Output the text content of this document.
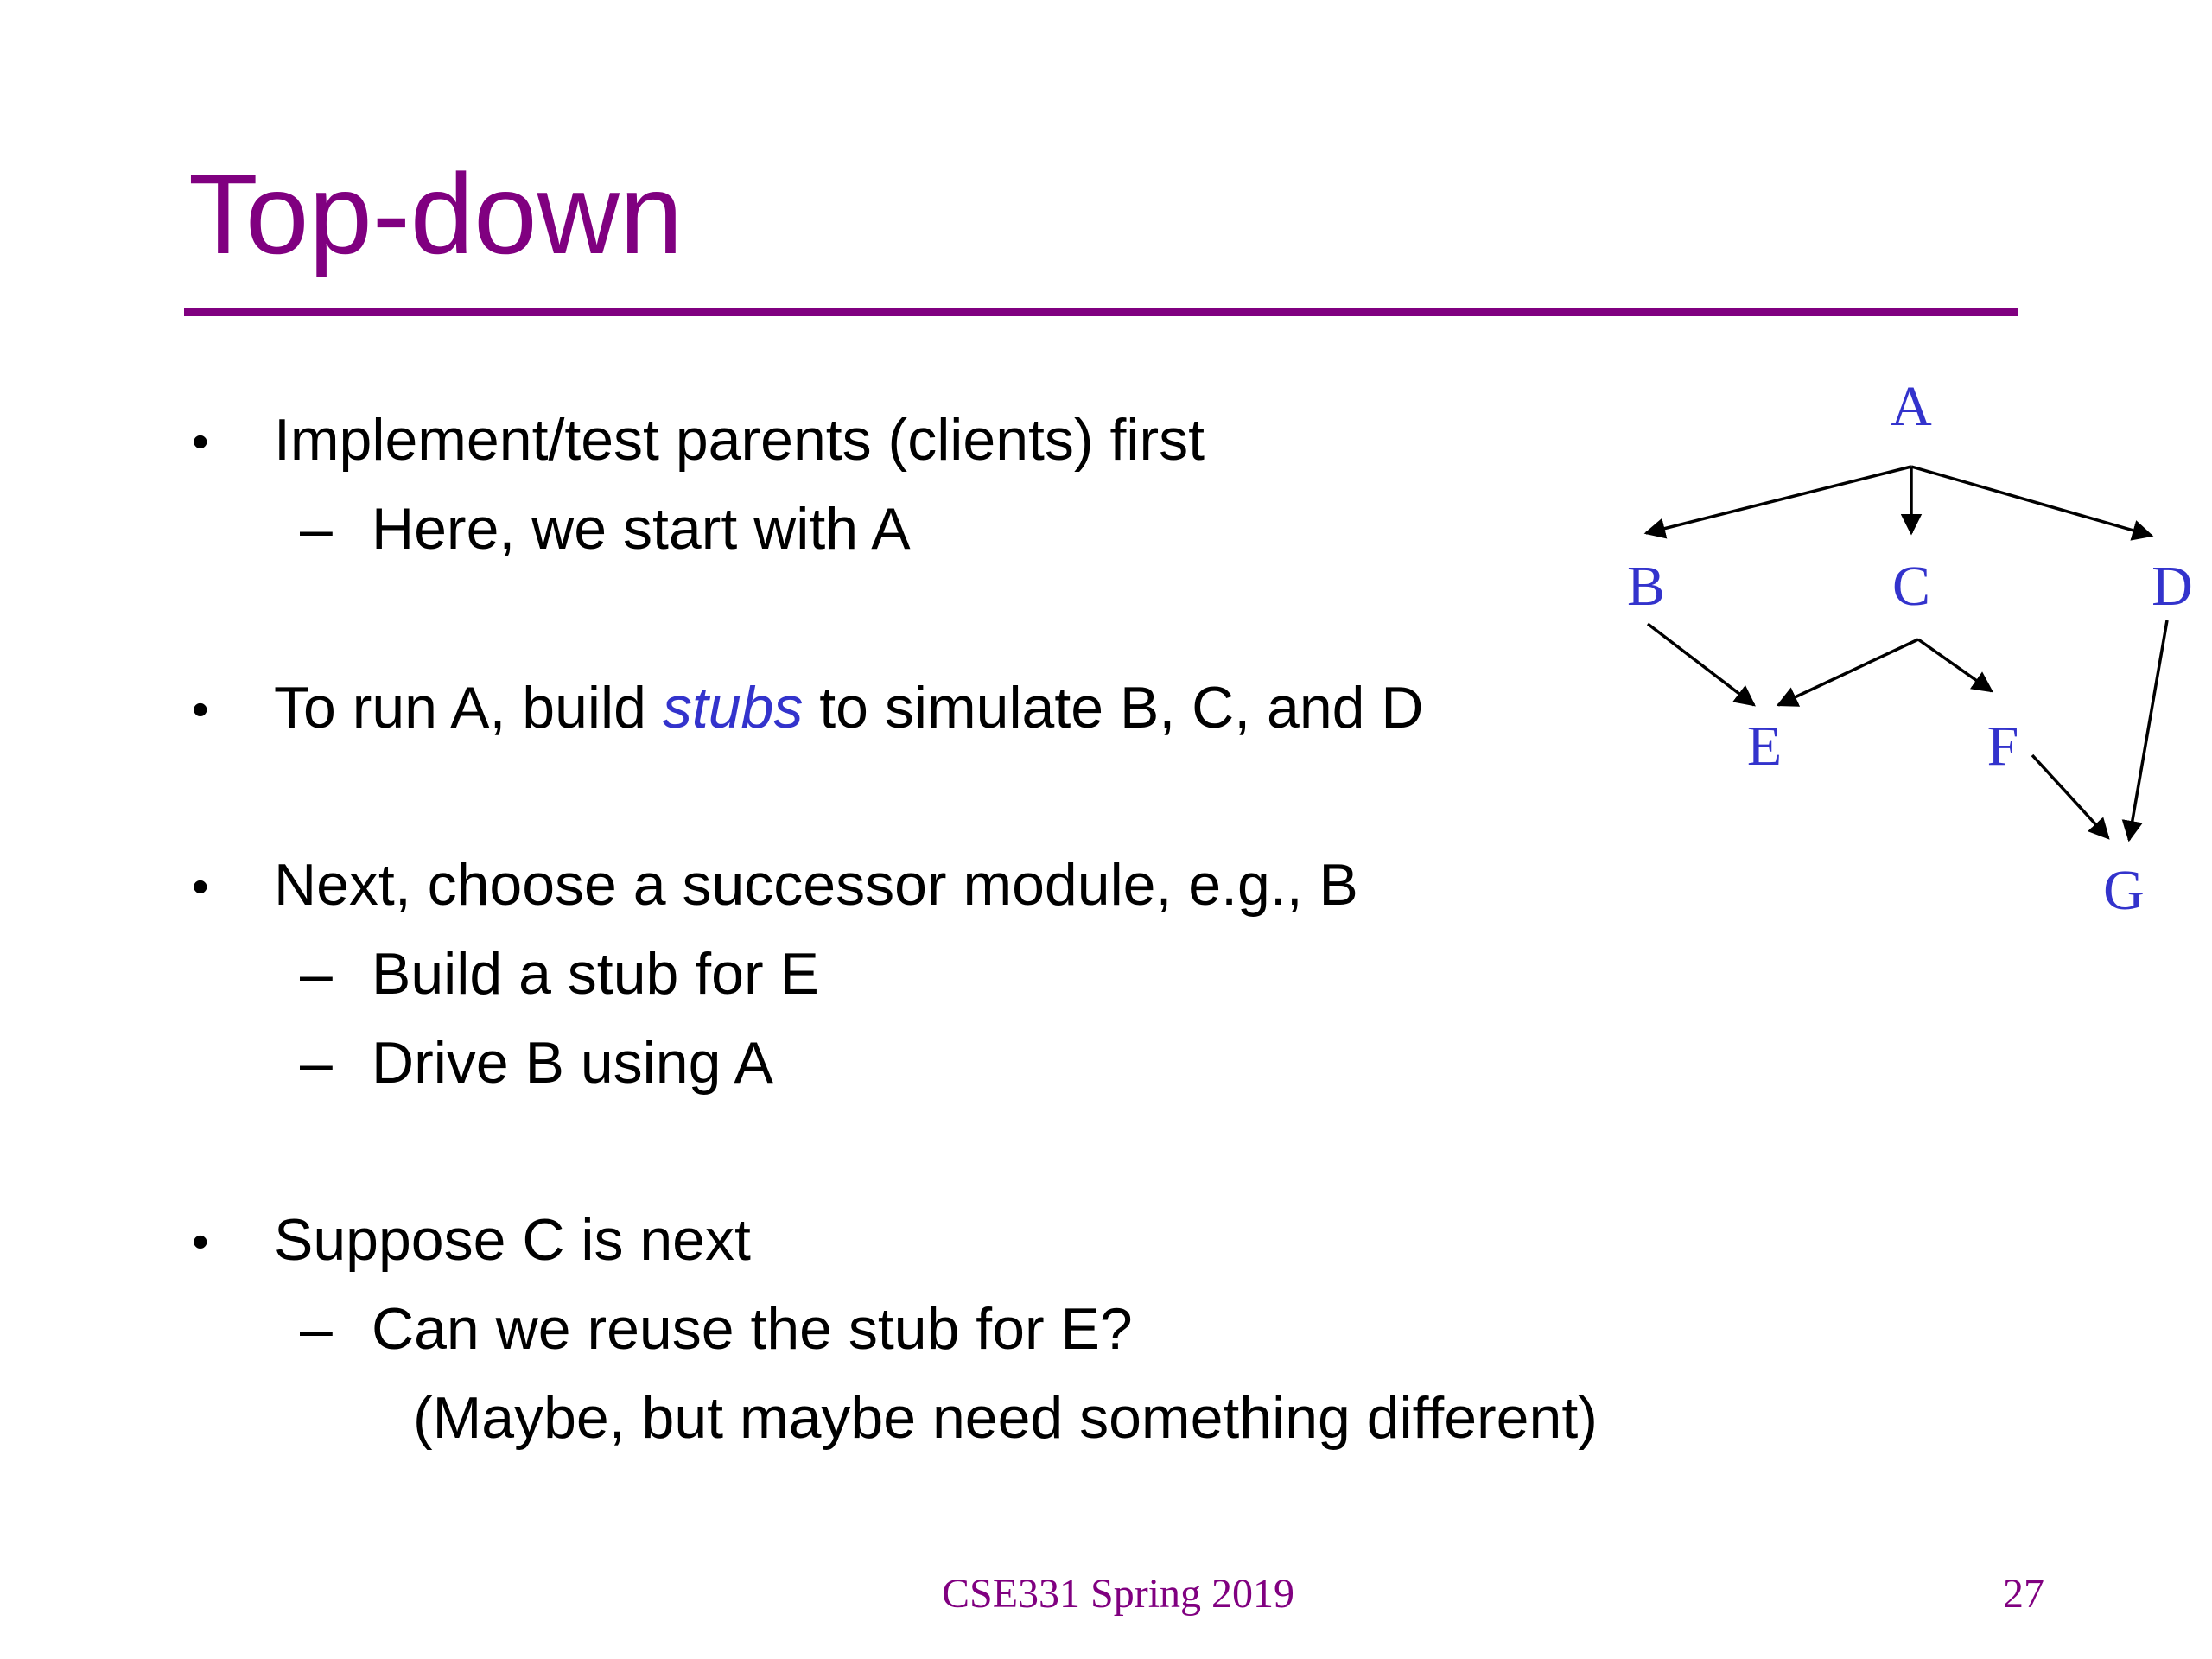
Top-down
• Implement/test parents (clients) first
– Here, we start with A
• To run A, build stubs to simulate B, C, and D
• Next, choose a successor module, e.g., B
– Build a stub for E
– Drive B using A
• Suppose C is next
– Can we reuse the stub for E?
(Maybe, but maybe need something different)
A
B	C	D
E	F
G
CSE331 Spring 2019	27
